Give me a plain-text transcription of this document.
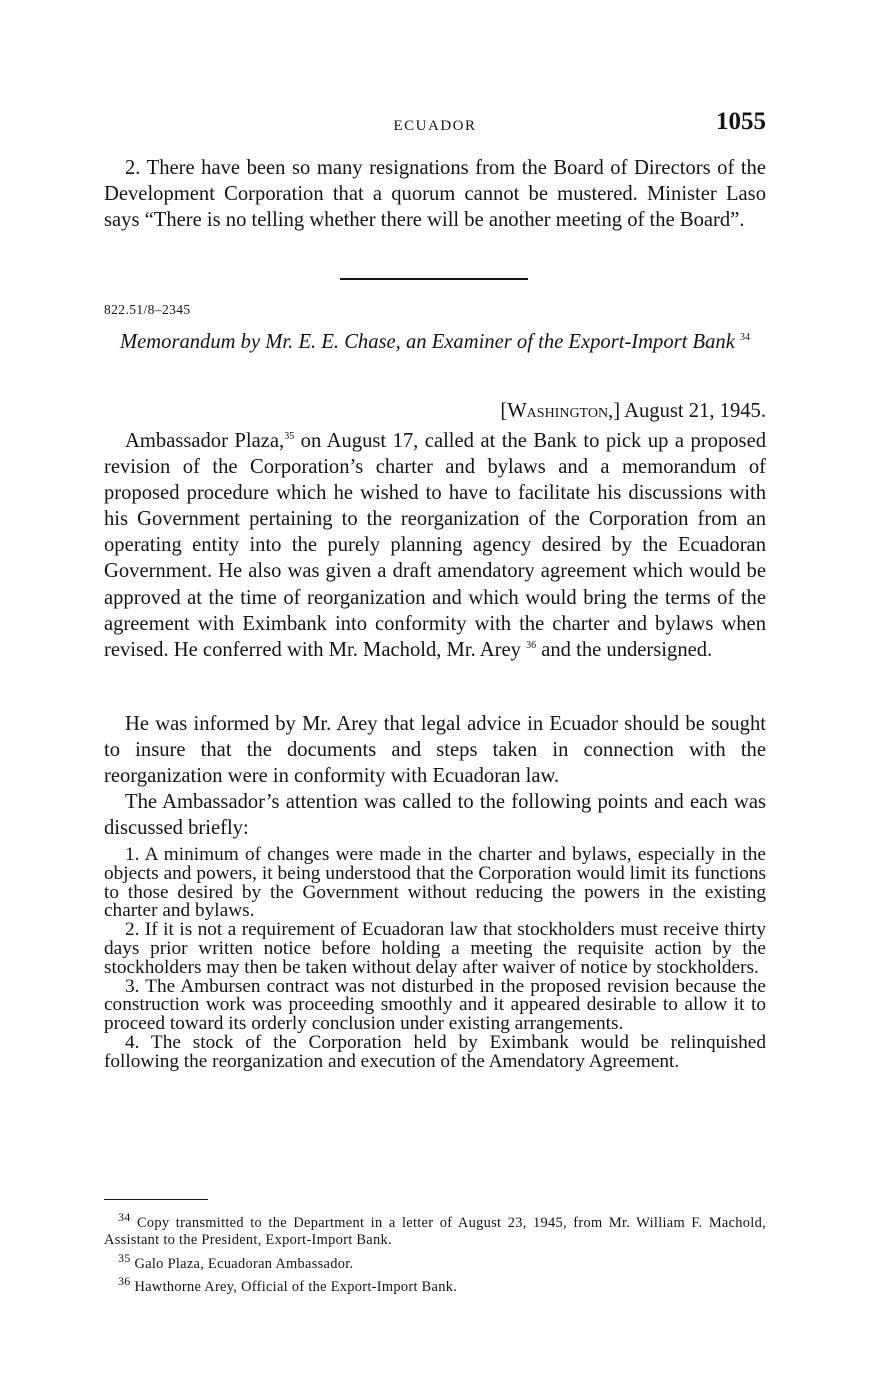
ECUADOR	1055

2. There have been so many resignations from the Board of Directors of the Development Corporation that a quorum cannot be mustered. Minister Laso says “There is no telling whether there will be another meeting of the Board”.

822.51/8–2345

Memorandum by Mr. E. E. Chase, an Examiner of the Export-Import Bank $^{34}$

[Washington,] August 21, 1945.

Ambassador Plaza,$^{35}$ on August 17, called at the Bank to pick up a proposed revision of the Corporation’s charter and bylaws and a memorandum of proposed procedure which he wished to have to facilitate his discussions with his Government pertaining to the reorganization of the Corporation from an operating entity into the purely planning agency desired by the Ecuadoran Government. He also was given a draft amendatory agreement which would be approved at the time of reorganization and which would bring the terms of the agreement with Eximbank into conformity with the charter and bylaws when revised. He conferred with Mr. Machold, Mr. Arey $^{36}$ and the undersigned.

He was informed by Mr. Arey that legal advice in Ecuador should be sought to insure that the documents and steps taken in connection with the reorganization were in conformity with Ecuadoran law.

The Ambassador’s attention was called to the following points and each was discussed briefly:

1. A minimum of changes were made in the charter and bylaws, especially in the objects and powers, it being understood that the Corporation would limit its functions to those desired by the Government without reducing the powers in the existing charter and bylaws.

2. If it is not a requirement of Ecuadoran law that stockholders must receive thirty days prior written notice before holding a meeting the requisite action by the stockholders may then be taken without delay after waiver of notice by stockholders.

3. The Ambursen contract was not disturbed in the proposed revision because the construction work was proceeding smoothly and it appeared desirable to allow it to proceed toward its orderly conclusion under existing arrangements.

4. The stock of the Corporation held by Eximbank would be relinquished following the reorganization and execution of the Amendatory Agreement.

$^{34}$ Copy transmitted to the Department in a letter of August 23, 1945, from Mr. William F. Machold, Assistant to the President, Export-Import Bank.

$^{35}$ Galo Plaza, Ecuadoran Ambassador.

$^{36}$ Hawthorne Arey, Official of the Export-Import Bank.
